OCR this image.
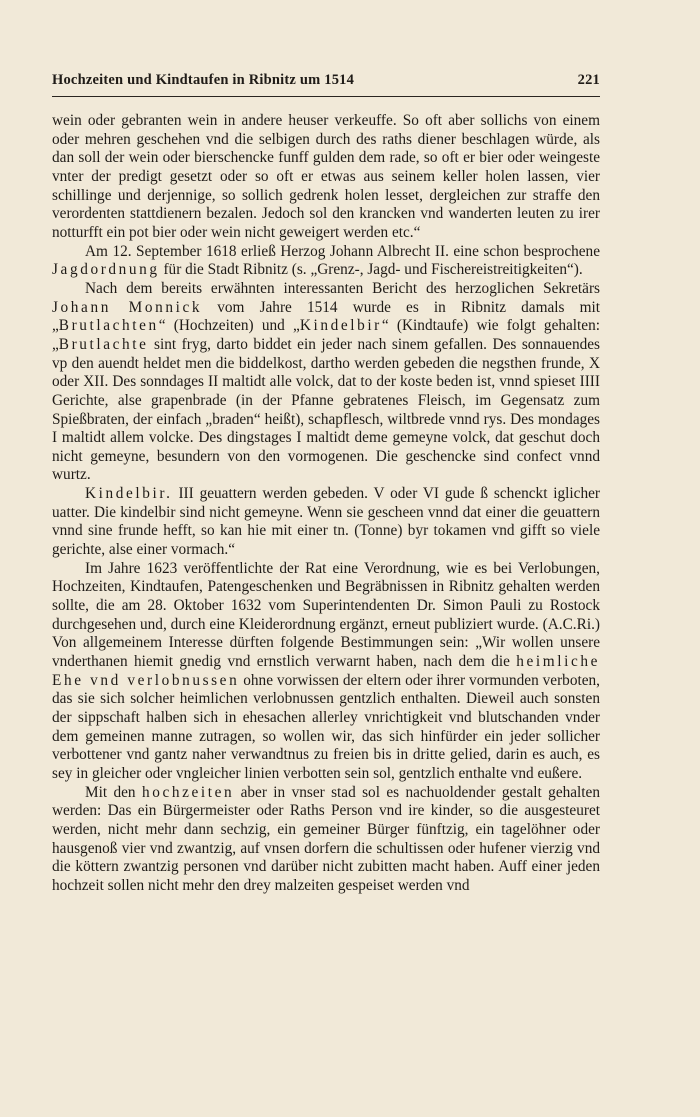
Hochzeiten und Kindtaufen in Ribnitz um 1514	221

wein oder gebranten wein in andere heuser verkeuffe. So oft aber sollichs von einem oder mehren geschehen vnd die selbigen durch des raths diener beschlagen würde, als dan soll der wein oder bierschencke funff gulden dem rade, so oft er bier oder weingeste vnter der predigt gesetzt oder so oft er etwas aus seinem keller holen lassen, vier schillinge und derjennige, so sollich gedrenk holen lesset, dergleichen zur straffe den verordenten stattdienern bezalen. Jedoch sol den krancken vnd wanderten leuten zu irer notturfft ein pot bier oder wein nicht geweigert werden etc.“

Am 12. September 1618 erließ Herzog Johann Albrecht II. eine schon besprochene Jagdordnung für die Stadt Ribnitz (s. „Grenz-, Jagd- und Fischereistreitigkeiten“).

Nach dem bereits erwähnten interessanten Bericht des herzoglichen Sekretärs Johann Monnick vom Jahre 1514 wurde es in Ribnitz damals mit „Brutlachten“ (Hochzeiten) und „Kindelbir“ (Kindtaufe) wie folgt gehalten: „Brutlachte sint fryg, darto biddet ein jeder nach sinem gefallen. Des sonnauendes vp den auendt heldet men die biddelkost, dartho werden gebeden die negsthen frunde, X oder XII. Des sonndages II maltidt alle volck, dat to der koste beden ist, vnnd spieset IIII Gerichte, alse grapenbrade (in der Pfanne gebratenes Fleisch, im Gegensatz zum Spießbraten, der einfach „braden“ heißt), schapflesch, wiltbrede vnnd rys. Des mondages I maltidt allem volcke. Des dingstages I maltidt deme gemeyne volck, dat geschut doch nicht gemeyne, besundern von den vormogenen. Die geschencke sind confect vnnd wurtz.

Kindelbir. III geuattern werden gebeden. V oder VI gude ß schenckt iglicher uatter. Die kindelbir sind nicht gemeyne. Wenn sie gescheen vnnd dat einer die geuattern vnnd sine frunde hefft, so kan hie mit einer tn. (Tonne) byr tokamen vnd gifft so viele gerichte, alse einer vormach.“

Im Jahre 1623 veröffentlichte der Rat eine Verordnung, wie es bei Verlobungen, Hochzeiten, Kindtaufen, Patengeschenken und Begräbnissen in Ribnitz gehalten werden sollte, die am 28. Oktober 1632 vom Superintendenten Dr. Simon Pauli zu Rostock durchgesehen und, durch eine Kleiderordnung ergänzt, erneut publiziert wurde. (A.C.Ri.) Von allgemeinem Interesse dürften folgende Bestimmungen sein: „Wir wollen unsere vnderthanen hiemit gnedig vnd ernstlich verwarnt haben, nach dem die heimliche Ehe vnd verlobnussen ohne vorwissen der eltern oder ihrer vormunden verboten, das sie sich solcher heimlichen verlobnussen gentzlich enthalten. Dieweil auch sonsten der sippschaft halben sich in ehesachen allerley vnrichtigkeit vnd blutschanden vnder dem gemeinen manne zutragen, so wollen wir, das sich hinfürder ein jeder sollicher verbottener vnd gantz naher verwandtnus zu freien bis in dritte gelied, darin es auch, es sey in gleicher oder vngleicher linien verbotten sein sol, gentzlich enthalte vnd eußere.

Mit den hochzeiten aber in vnser stad sol es nachuoldender gestalt gehalten werden: Das ein Bürgermeister oder Raths Person vnd ire kinder, so die ausgesteuret werden, nicht mehr dann sechzig, ein gemeiner Bürger fünftzig, ein tagelöhner oder hausgenoß vier vnd zwantzig, auf vnsen dorfern die schultissen oder hufener vierzig vnd die köttern zwantzig personen vnd darüber nicht zubitten macht haben. Auff einer jeden hochzeit sollen nicht mehr den drey malzeiten gespeiset werden vnd
